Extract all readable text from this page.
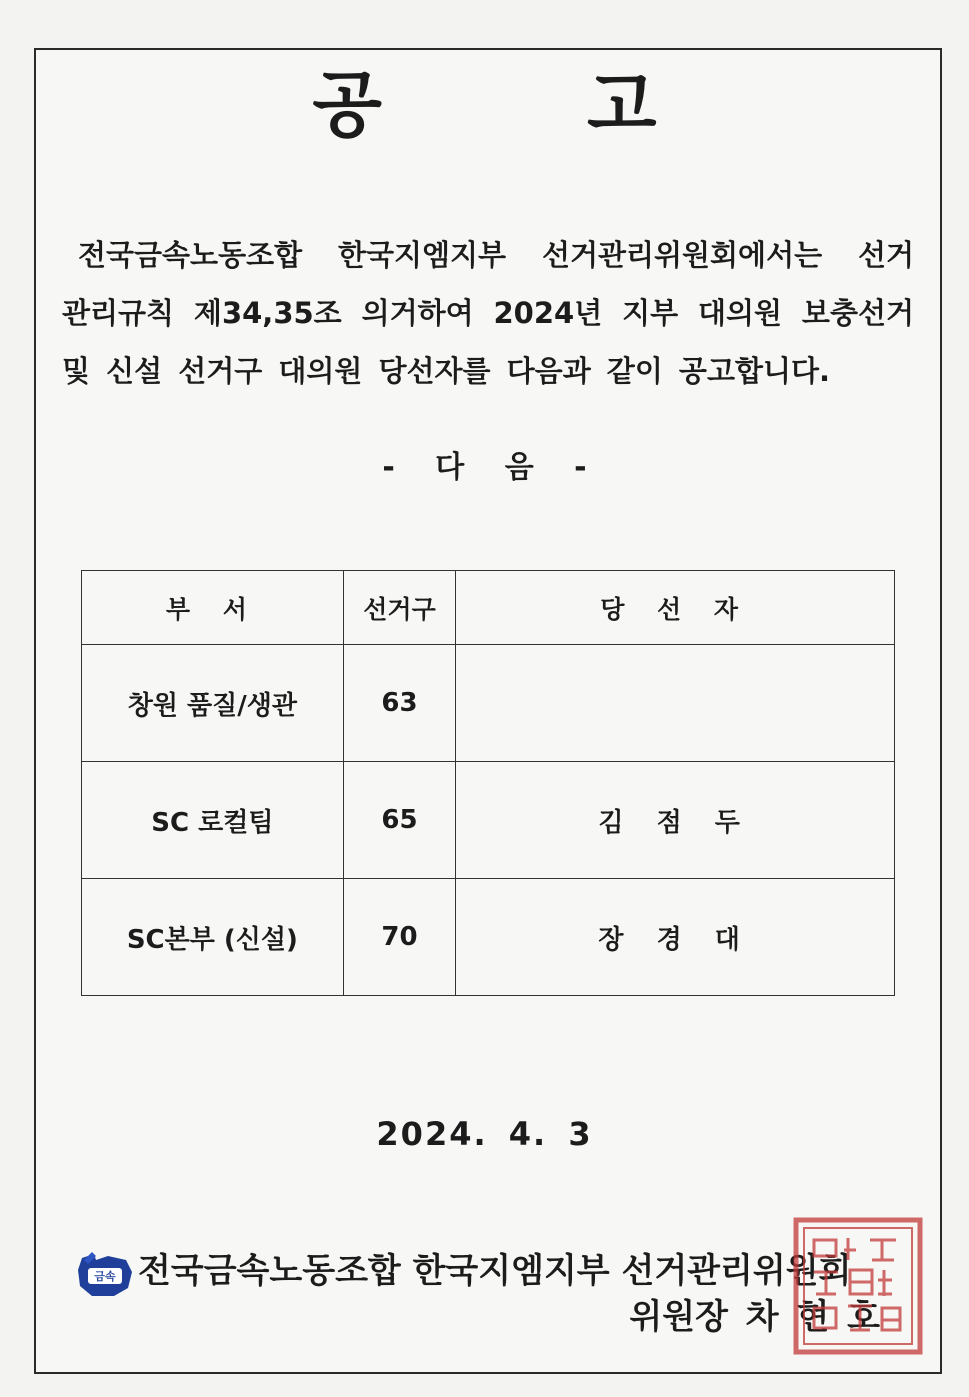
공 고
전국금속노동조합 한국지엠지부 선거관리위원회에서는 선거
관리규칙 제34,35조 의거하여 2024년 지부 대의원 보충선거
및 신설 선거구 대의원 당선자를 다음과 같이 공고합니다.
- 다 음 -
부 서	선거구	당 선 자
창원 품질/생관	63	
SC 로컬팀	65	김 점 두
SC본부 (신설)	70	장 경 대
2024. 4. 3
금속 전국금속노동조합 한국지엠지부 선거관리위원회
위원장 차 현 호
